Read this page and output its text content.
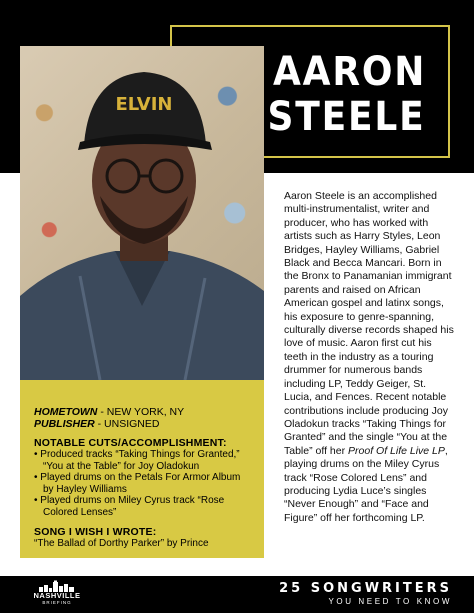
AARON
STEELE
ELVIN
HOMETOWN - NEW YORK, NY
PUBLISHER - UNSIGNED
NOTABLE CUTS/ACCOMPLISHMENT:
• Produced tracks “Taking Things for Granted,” “You at the Table” for Joy Oladokun
• Played drums on the Petals For Armor Album by Hayley Williams
• Played drums on Miley Cyrus track “Rose Colored Lenses”
SONG I WISH I WROTE:
“The Ballad of Dorthy Parker” by Prince
Aaron Steele is an accomplished multi-instrumentalist, writer and producer, who has worked with artists such as Harry Styles, Leon Bridges, Hayley Williams, Gabriel Black and Becca Mancari. Born in the Bronx to Panamanian immigrant parents and raised on African American gospel and latinx songs, his exposure to genre-spanning, culturally diverse records shaped his love of music. Aaron first cut his teeth in the industry as a touring drummer for numerous bands including LP, Teddy Geiger, St. Lucia, and Fences. Recent notable contributions include producing Joy Oladokun tracks “Taking Things for Granted” and the single “You at the Table” off her Proof Of Life Live LP, playing drums on the Miley Cyrus track “Rose Colored Lens” and producing Lydia Luce’s singles “Never Enough” and “Face and Figure” off her forthcoming LP.
NASHVILLE
BRIEFING
25 SONGWRITERS
YOU NEED TO KNOW
